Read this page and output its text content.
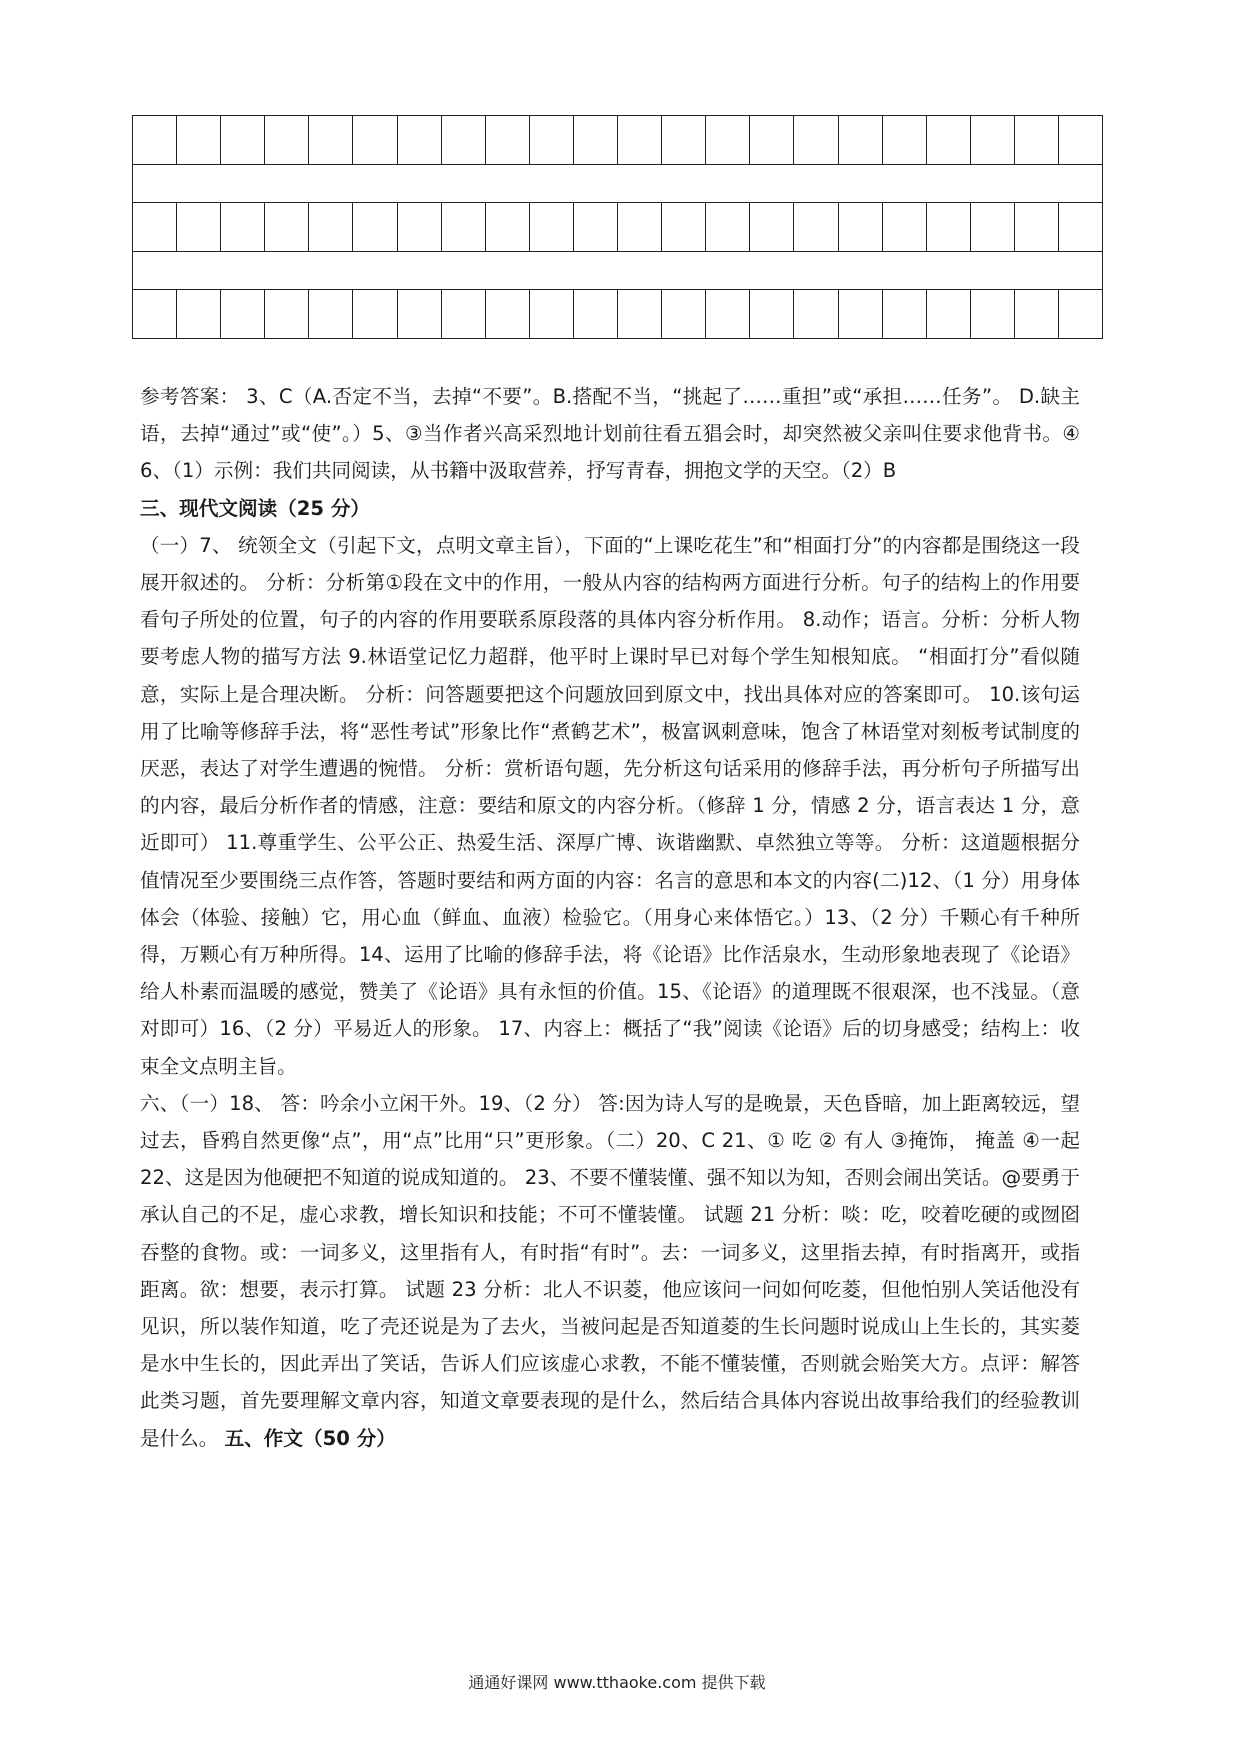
参考答案： 3、C（A.否定不当，去掉“不要”。B.搭配不当，“挑起了……重担”或“承担……任务”。 D.缺主语，去掉“通过”或“使”。）5、③当作者兴高采烈地计划前往看五猖会时，却突然被父亲叫住要求他背书。④ 6、（1）示例：我们共同阅读，从书籍中汲取营养，抒写青春，拥抱文学的天空。（2）B

三、现代文阅读（25 分）

（一）7、 统领全文（引起下文，点明文章主旨），下面的“上课吃花生”和“相面打分”的内容都是围绕这一段展开叙述的。 分析：分析第①段在文中的作用，一般从内容的结构两方面进行分析。句子的结构上的作用要看句子所处的位置，句子的内容的作用要联系原段落的具体内容分析作用。 8.动作；语言。分析：分析人物要考虑人物的描写方法 9.林语堂记忆力超群，他平时上课时早已对每个学生知根知底。 “相面打分”看似随意，实际上是合理决断。 分析：问答题要把这个问题放回到原文中，找出具体对应的答案即可。 10.该句运用了比喻等修辞手法，将“恶性考试”形象比作“煮鹤艺术”，极富讽刺意味，饱含了林语堂对刻板考试制度的厌恶，表达了对学生遭遇的惋惜。 分析：赏析语句题，先分析这句话采用的修辞手法，再分析句子所描写出的内容，最后分析作者的情感，注意：要结和原文的内容分析。（修辞 1 分，情感 2 分，语言表达 1 分，意近即可） 11.尊重学生、公平公正、热爱生活、深厚广博、诙谐幽默、卓然独立等等。 分析：这道题根据分值情况至少要围绕三点作答，答题时要结和两方面的内容：名言的意思和本文的内容(二)12、（1 分）用身体体会（体验、接触）它，用心血（鲜血、血液）检验它。（用身心来体悟它。）13、（2 分）千颗心有千种所得，万颗心有万种所得。14、运用了比喻的修辞手法，将《论语》比作活泉水，生动形象地表现了《论语》给人朴素而温暖的感觉，赞美了《论语》具有永恒的价值。15、《论语》的道理既不很艰深，也不浅显。（意对即可）16、（2 分）平易近人的形象。 17、内容上：概括了“我”阅读《论语》后的切身感受；结构上：收束全文点明主旨。

六、（一）18、 答：吟余小立闲干外。19、（2 分） 答:因为诗人写的是晚景，天色昏暗，加上距离较远，望过去，昏鸦自然更像“点”，用“点”比用“只”更形象。（二）20、C 21、① 吃 ② 有人 ③掩饰， 掩盖 ④一起 22、这是因为他硬把不知道的说成知道的。 23、不要不懂装懂、强不知以为知，否则会闹出笑话。@要勇于承认自己的不足，虚心求教，增长知识和技能；不可不懂装懂。 试题 21 分析：啖：吃，咬着吃硬的或囫囵吞整的食物。或：一词多义，这里指有人，有时指“有时”。去：一词多义，这里指去掉，有时指离开，或指距离。欲：想要，表示打算。 试题 23 分析：北人不识菱，他应该问一问如何吃菱，但他怕别人笑话他没有见识，所以装作知道，吃了壳还说是为了去火，当被问起是否知道菱的生长问题时说成山上生长的，其实菱是水中生长的，因此弄出了笑话，告诉人们应该虚心求教，不能不懂装懂，否则就会贻笑大方。点评：解答此类习题，首先要理解文章内容，知道文章要表现的是什么，然后结合具体内容说出故事给我们的经验教训是什么。 五、作文（50 分）

通通好课网 www.tthaoke.com 提供下载
